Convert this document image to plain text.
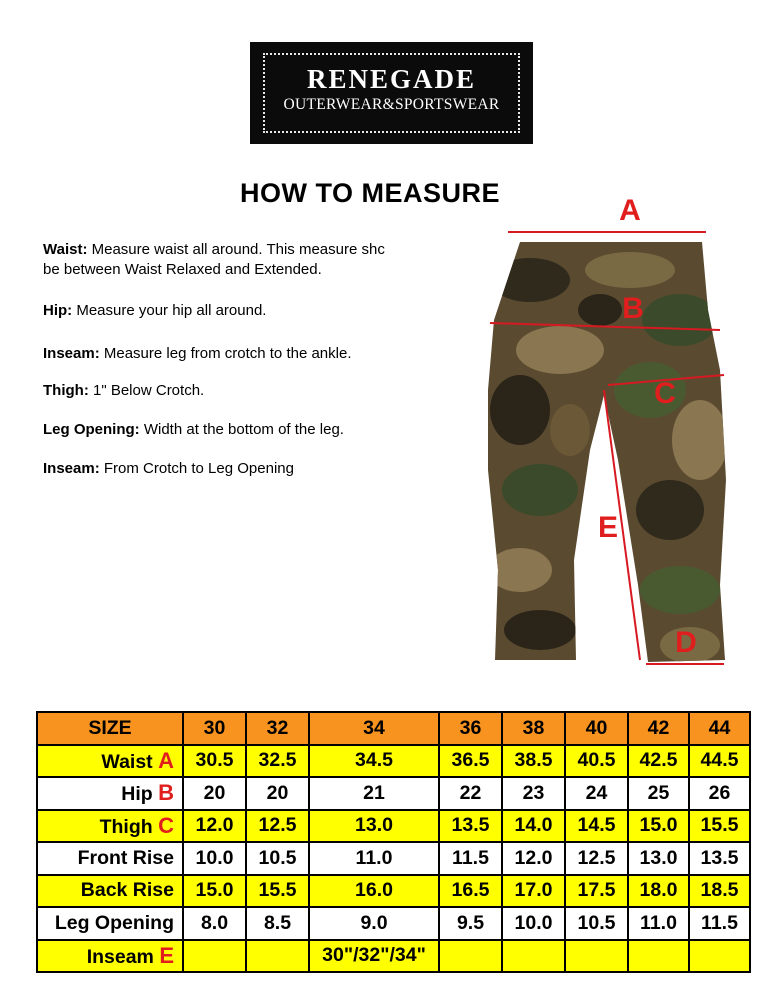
RENEGADE
OUTERWEAR&SPORTSWEAR
HOW TO MEASURE
Waist: Measure waist all around. This measure shc
be between Waist Relaxed and Extended.
Hip: Measure your hip all around.
Inseam: Measure leg from crotch to the ankle.
Thigh: 1" Below Crotch.
Leg Opening: Width at the bottom of the leg.
Inseam: From Crotch to Leg Opening
A
B
C
E
D
SIZE	30	32	34	36	38	40	42	44
Waist A	30.5	32.5	34.5	36.5	38.5	40.5	42.5	44.5
Hip B	20	20	21	22	23	24	25	26
Thigh C	12.0	12.5	13.0	13.5	14.0	14.5	15.0	15.5
Front Rise	10.0	10.5	11.0	11.5	12.0	12.5	13.0	13.5
Back Rise	15.0	15.5	16.0	16.5	17.0	17.5	18.0	18.5
Leg Opening	8.0	8.5	9.0	9.5	10.0	10.5	11.0	11.5
Inseam E			30"/32"/34"					
